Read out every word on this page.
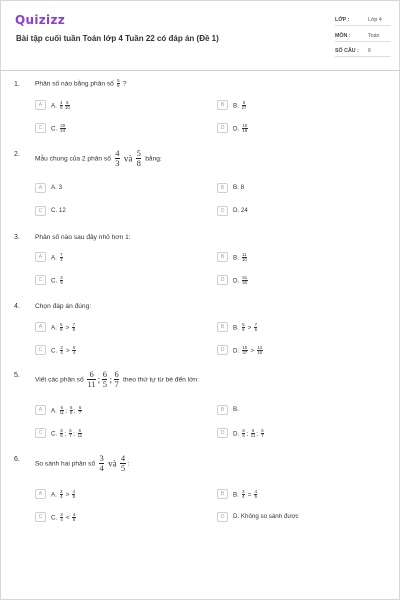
Quizizz
Bài tập cuối tuần Toán lớp 4 Tuần 22 có đáp án (Đề 1)
LỚP :	Lớp 4
MÔN :	Toán
SỐ CÂU : 6
1. Phân số nào bằng phân số $\frac{5}{6}$ ?
A	A. $\frac{4}{6} \frac{5}{10}$	B	B. $\frac{5}{27}$
C	C. $\frac{20}{24}$	D	D. $\frac{10}{18}$
2.
Mẫu chung của 2 phân số $\frac{4}{3}$ và $\frac{5}{8}$ bằng:
A	A. 3	B	B. 8
C	C. 12	D	D. 24
3. Phân số nào sau đây nhỏ hơn 1:
A	A. $\frac{7}{3}$	B	B. $\frac{11}{10}$
C	C. $\frac{2}{5}$	D	D. $\frac{51}{50}$
4. Chọn đáp án đúng:
A	A. $\frac{5}{8} > \frac{7}{8}$	B	B. $\frac{5}{6} > \frac{7}{6}$
C	C. $\frac{3}{4} > \frac{5}{4}$	D	D. $\frac{15}{37} > \frac{13}{16}$
5.
Viết các phân số $\frac{6}{11}$ ; $\frac{6}{5}$ ; $\frac{6}{7}$ theo thứ tự từ bé đến lớn:
A	A. $\frac{6}{11}$ ; $\frac{6}{5}$ ; $\frac{6}{7}$	B	B.
C	C. $\frac{6}{5}$ ; $\frac{6}{7}$ ; $\frac{6}{11}$	D	D. $\frac{6}{5}$ ; $\frac{6}{11}$ ; $\frac{6}{7}$
6.
So sánh hai phân số $\frac{3}{4}$ và $\frac{4}{5}$ :
A	A. $\frac{3}{4} > \frac{4}{5}$	B	B. $\frac{3}{4} = \frac{4}{5}$
C	C. $\frac{3}{4} < \frac{4}{5}$	D	D. Không so sánh được
